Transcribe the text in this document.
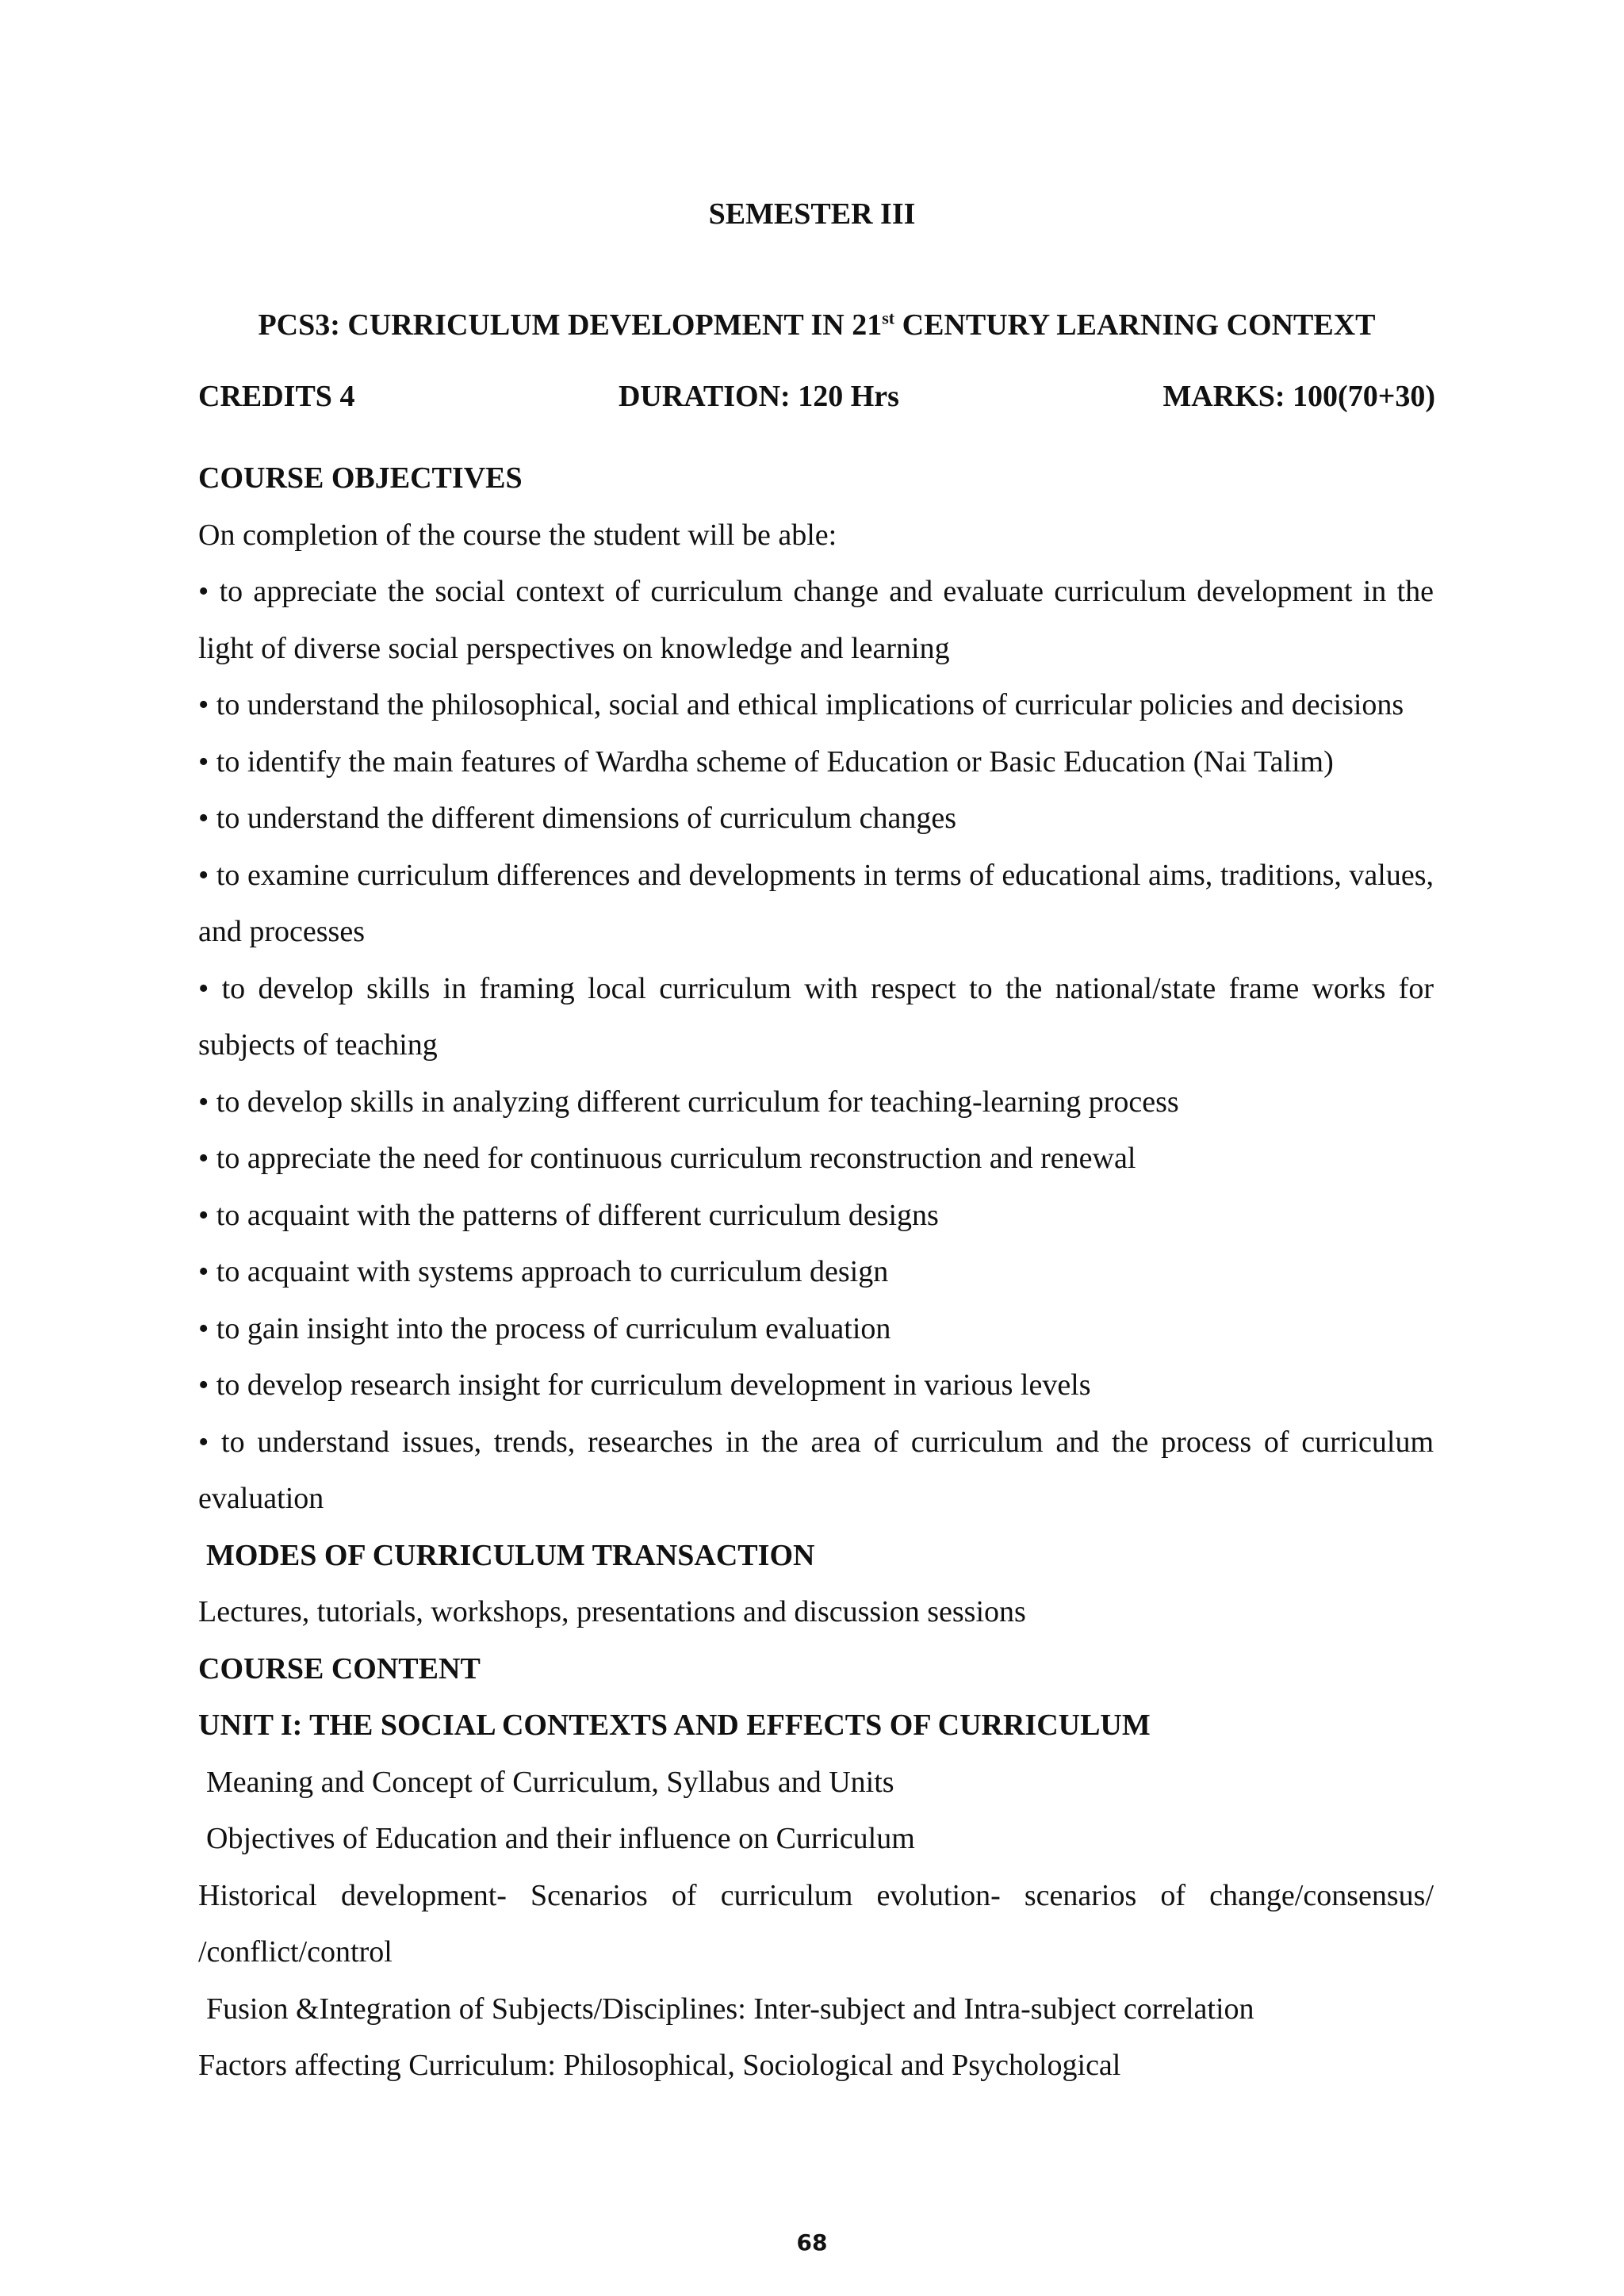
SEMESTER III
PCS3: CURRICULUM DEVELOPMENT IN 21st CENTURY LEARNING CONTEXT
CREDITS 4	DURATION: 120 Hrs	MARKS: 100(70+30)
COURSE OBJECTIVES
On completion of the course the student will be able:
• to appreciate the social context of curriculum change and evaluate curriculum development in the light of diverse social perspectives on knowledge and learning
• to understand the philosophical, social and ethical implications of curricular policies and decisions
• to identify the main features of Wardha scheme of Education or Basic Education (Nai Talim)
• to understand the different dimensions of curriculum changes
• to examine curriculum differences and developments in terms of educational aims, traditions, values, and processes
• to develop skills in framing local curriculum with respect to the national/state frame works for subjects of teaching
• to develop skills in analyzing different curriculum for teaching-learning process
• to appreciate the need for continuous curriculum reconstruction and renewal
• to acquaint with the patterns of different curriculum designs
• to acquaint with systems approach to curriculum design
• to gain insight into the process of curriculum evaluation
• to develop research insight for curriculum development in various levels
• to understand issues, trends, researches in the area of curriculum and the process of curriculum evaluation
MODES OF CURRICULUM TRANSACTION
Lectures, tutorials, workshops, presentations and discussion sessions
COURSE CONTENT
UNIT I: THE SOCIAL CONTEXTS AND EFFECTS OF CURRICULUM
Meaning and Concept of Curriculum, Syllabus and Units
Objectives of Education and their influence on Curriculum
Historical development- Scenarios of curriculum evolution- scenarios of change/consensus/ /conflict/control
Fusion &Integration of Subjects/Disciplines: Inter-subject and Intra-subject correlation
Factors affecting Curriculum: Philosophical, Sociological and Psychological
68
